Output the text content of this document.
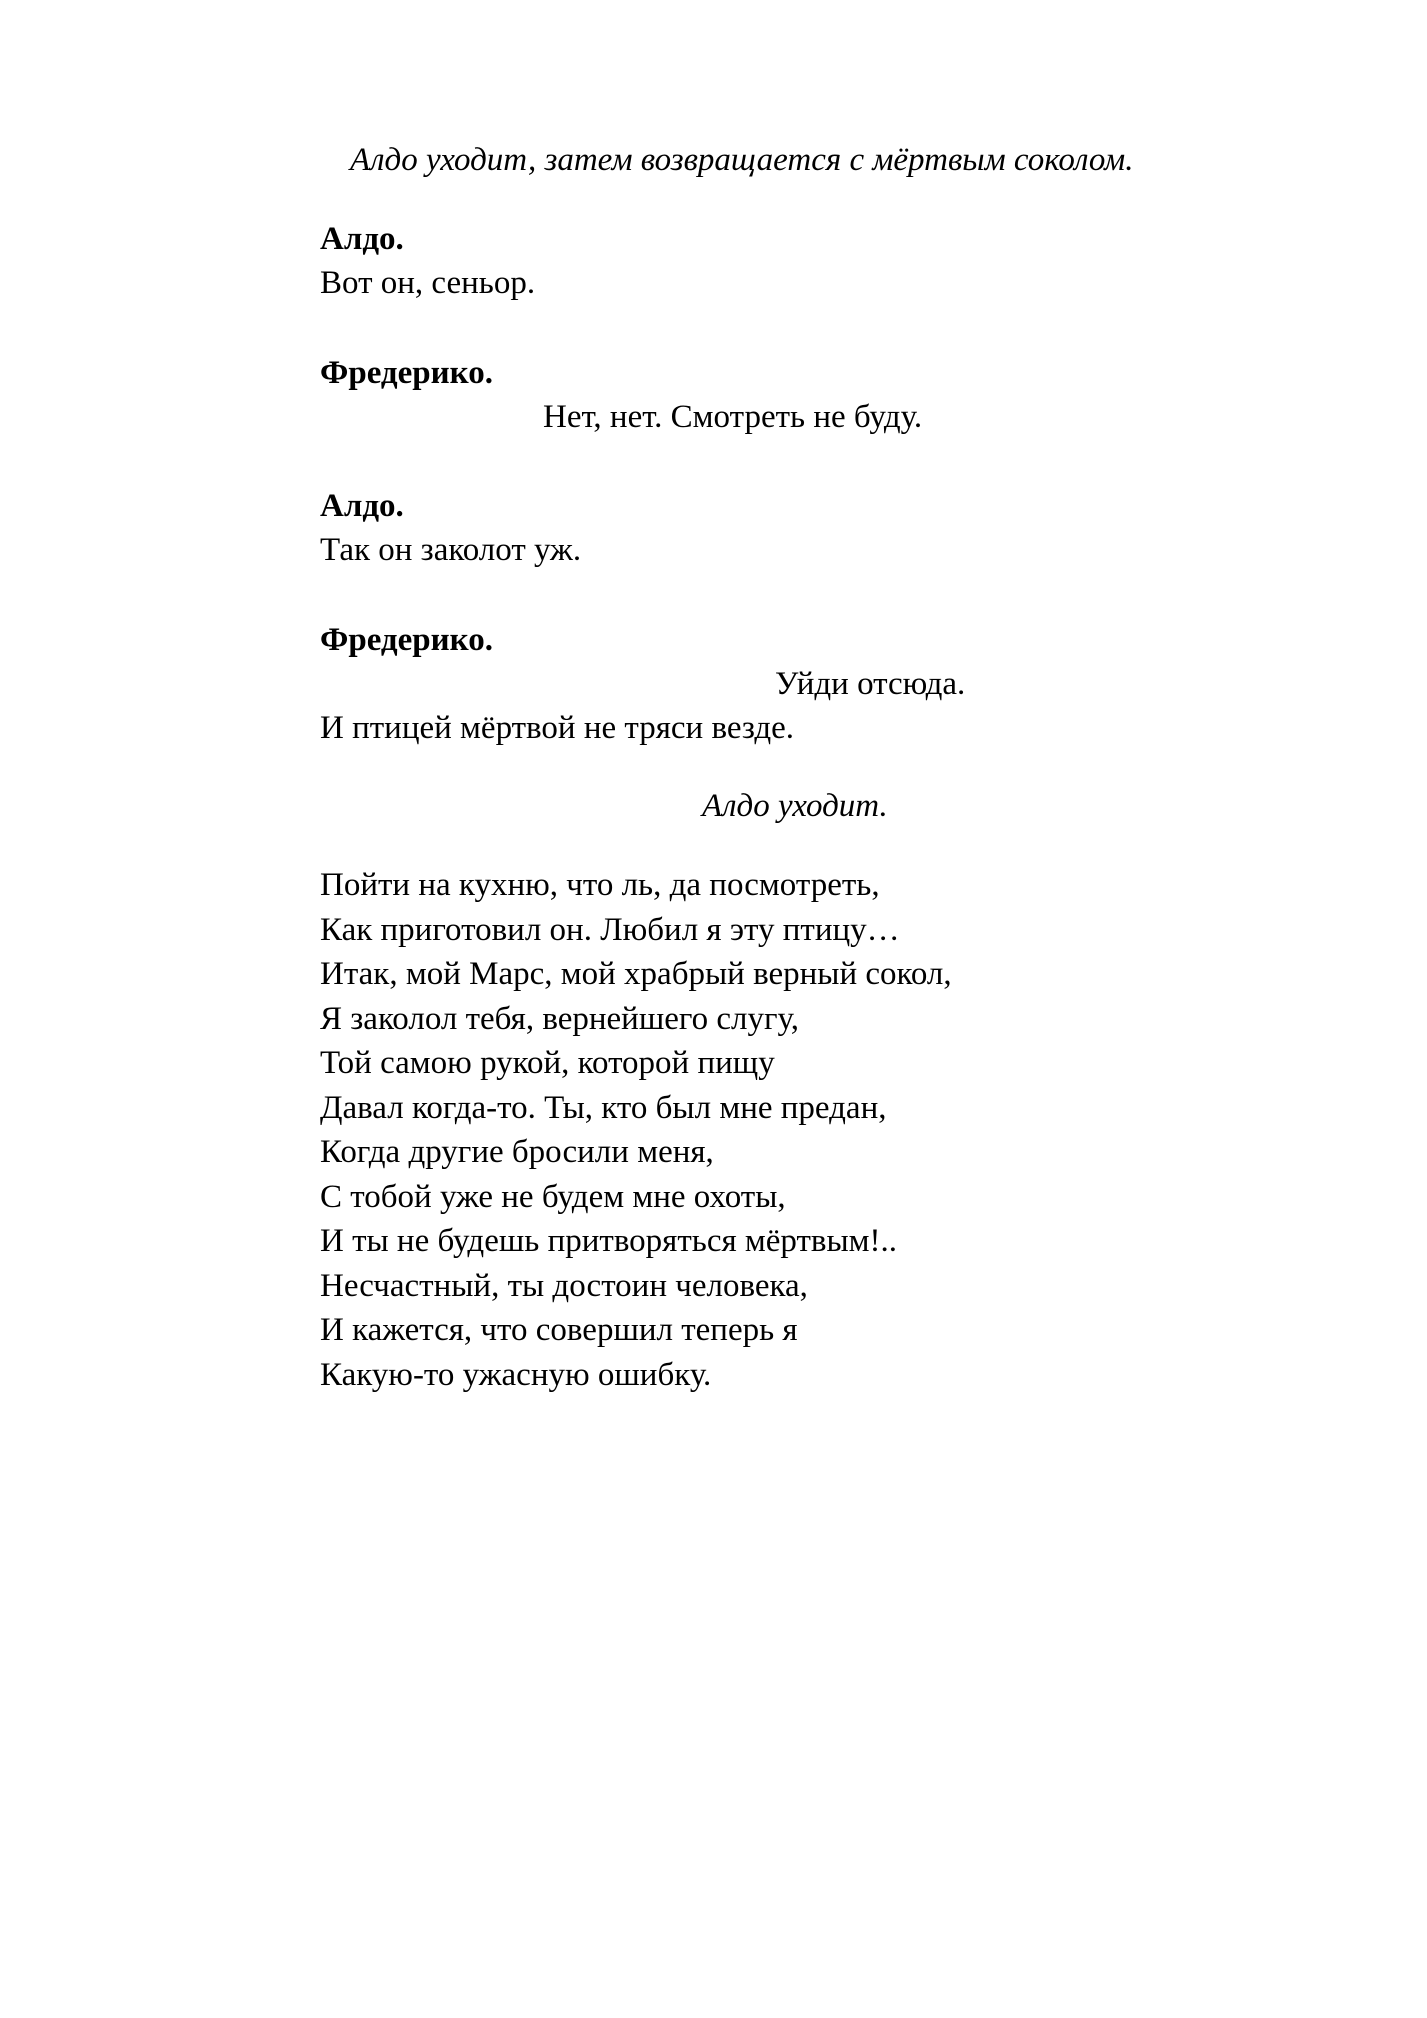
Алдо уходит, затем возвращается с мёртвым соколом.
Алдо.
Вот он, сеньор.
Фредерико.
Нет, нет. Смотреть не буду.
Алдо.
Так он заколот уж.
Фредерико.
Уйди отсюда.
И птицей мёртвой не тряси везде.
Алдо уходит.
Пойти на кухню, что ль, да посмотреть,
Как приготовил он. Любил я эту птицу…
Итак, мой Марс, мой храбрый верный сокол,
Я заколол тебя, вернейшего слугу,
Той самою рукой, которой пищу
Давал когда-то. Ты, кто был мне предан,
Когда другие бросили меня,
С тобой уже не будем мне охоты,
И ты не будешь притворяться мёртвым!..
Несчастный, ты достоин человека,
И кажется, что совершил теперь я
Какую-то ужасную ошибку.
